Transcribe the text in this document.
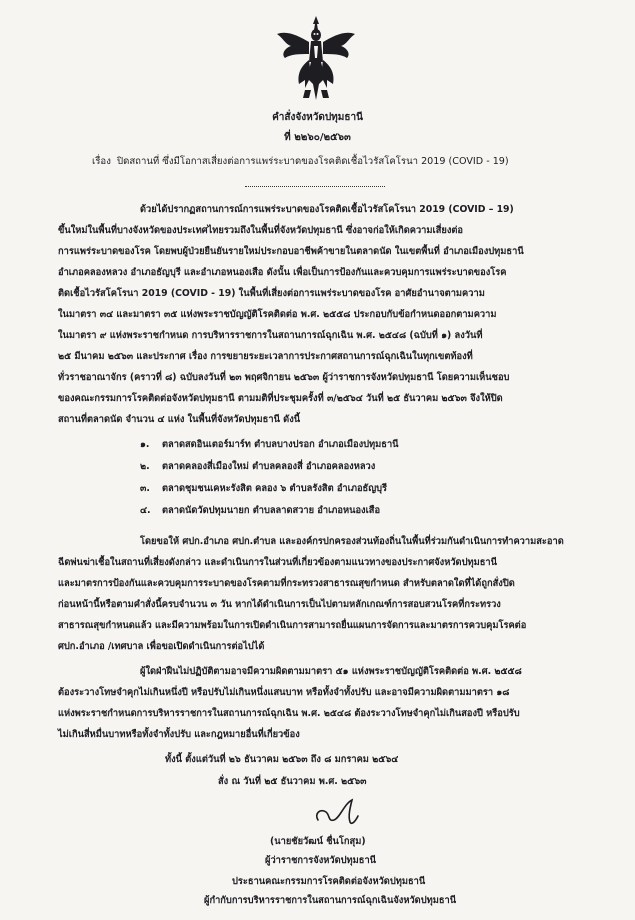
คำสั่งจังหวัดปทุมธานี
ที่ ๒๒๖๐/๒๕๖๓
เรื่อง ปิดสถานที่ ซึ่งมีโอกาสเสี่ยงต่อการแพร่ระบาดของโรคติดเชื้อไวรัสโคโรนา 2019 (COVID - 19)
ด้วยได้ปรากฏสถานการณ์การแพร่ระบาดของโรคติดเชื้อไวรัสโคโรนา 2019 (COVID – 19)
ขึ้นใหม่ในพื้นที่บางจังหวัดของประเทศไทยรวมถึงในพื้นที่จังหวัดปทุมธานี ซึ่งอาจก่อให้เกิดความเสี่ยงต่อ
การแพร่ระบาดของโรค โดยพบผู้ป่วยยืนยันรายใหม่ประกอบอาชีพค้าขายในตลาดนัด ในเขตพื้นที่ อำเภอเมืองปทุมธานี
อำเภอคลองหลวง อำเภอธัญบุรี และอำเภอหนองเสือ ดังนั้น เพื่อเป็นการป้องกันและควบคุมการแพร่ระบาดของโรค
ติดเชื้อไวรัสโคโรนา 2019 (COVID - 19) ในพื้นที่เสี่ยงต่อการแพร่ระบาดของโรค อาศัยอำนาจตามความ
ในมาตรา ๓๔ และมาตรา ๓๕ แห่งพระราชบัญญัติโรคติดต่อ พ.ศ. ๒๕๕๘ ประกอบกับข้อกำหนดออกตามความ
ในมาตรา ๙ แห่งพระราชกำหนด การบริหารราชการในสถานการณ์ฉุกเฉิน พ.ศ. ๒๕๔๘ (ฉบับที่ ๑) ลงวันที่
๒๕ มีนาคม ๒๕๖๓ และประกาศ เรื่อง การขยายระยะเวลาการประกาศสถานการณ์ฉุกเฉินในทุกเขตท้องที่
ทั่วราชอาณาจักร (คราวที่ ๘) ฉบับลงวันที่ ๒๓ พฤศจิกายน ๒๕๖๓ ผู้ว่าราชการจังหวัดปทุมธานี โดยความเห็นชอบ
ของคณะกรรมการโรคติดต่อจังหวัดปทุมธานี ตามมติที่ประชุมครั้งที่ ๓/๒๕๖๔ วันที่ ๒๕ ธันวาคม ๒๕๖๓ จึงให้ปิด
สถานที่ตลาดนัด จำนวน ๔ แห่ง ในพื้นที่จังหวัดปทุมธานี ดังนี้
๑. ตลาดสดอินเตอร์มาร์ท ตำบลบางปรอก อำเภอเมืองปทุมธานี
๒. ตลาดคลองสี่เมืองใหม่ ตำบลคลองสี่ อำเภอคลองหลวง
๓. ตลาดชุมชนเคหะรังสิต คลอง ๖ ตำบลรังสิต อำเภอธัญบุรี
๔. ตลาดนัดวัดปทุมนายก ตำบลลาดสวาย อำเภอหนองเสือ
โดยขอให้ ศปก.อำเภอ ศปก.ตำบล และองค์กรปกครองส่วนท้องถิ่นในพื้นที่ร่วมกันดำเนินการทำความสะอาด
ฉีดพ่นฆ่าเชื้อในสถานที่เสี่ยงดังกล่าว และดำเนินการในส่วนที่เกี่ยวข้องตามแนวทางของประกาศจังหวัดปทุมธานี
และมาตรการป้องกันและควบคุมการระบาดของโรคตามที่กระทรวงสาธารณสุขกำหนด สำหรับตลาดใดที่ได้ถูกสั่งปิด
ก่อนหน้านี้หรือตามคำสั่งนี้ครบจำนวน ๓ วัน หากได้ดำเนินการเป็นไปตามหลักเกณฑ์การสอบสวนโรคที่กระทรวง
สาธารณสุขกำหนดแล้ว และมีความพร้อมในการเปิดดำเนินการสามารถยื่นแผนการจัดการและมาตรการควบคุมโรคต่อ
ศปก.อำเภอ /เทศบาล เพื่อขอเปิดดำเนินการต่อไปได้
ผู้ใดฝ่าฝืนไม่ปฏิบัติตามอาจมีความผิดตามมาตรา ๕๑ แห่งพระราชบัญญัติโรคติดต่อ พ.ศ. ๒๕๕๘
ต้องระวางโทษจำคุกไม่เกินหนึ่งปี หรือปรับไม่เกินหนึ่งแสนบาท หรือทั้งจำทั้งปรับ และอาจมีความผิดตามมาตรา ๑๘
แห่งพระราชกำหนดการบริหารราชการในสถานการณ์ฉุกเฉิน พ.ศ. ๒๕๔๘ ต้องระวางโทษจำคุกไม่เกินสองปี หรือปรับ
ไม่เกินสี่หมื่นบาทหรือทั้งจำทั้งปรับ และกฎหมายอื่นที่เกี่ยวข้อง
ทั้งนี้ ตั้งแต่วันที่ ๒๖ ธันวาคม ๒๕๖๓ ถึง ๘ มกราคม ๒๕๖๔
สั่ง ณ วันที่ ๒๕ ธันวาคม พ.ศ. ๒๕๖๓
(นายชัยวัฒน์ ชื่นโกสุม)
ผู้ว่าราชการจังหวัดปทุมธานี
ประธานคณะกรรมการโรคติดต่อจังหวัดปทุมธานี
ผู้กำกับการบริหารราชการในสถานการณ์ฉุกเฉินจังหวัดปทุมธานี
